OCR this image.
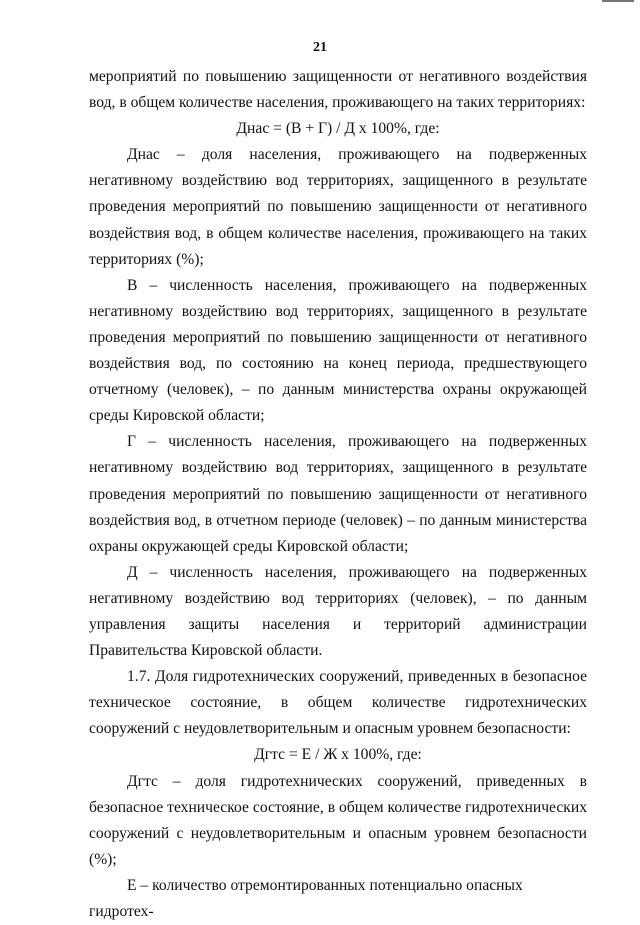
21

мероприятий по повышению защищенности от негативного воздействия вод, в общем количестве населения, проживающего на таких территориях:

Днас = (В + Г) / Д х 100%, где:

Днас – доля населения, проживающего на подверженных негативному воздействию вод территориях, защищенного в результате проведения мероприятий по повышению защищенности от негативного воздействия вод, в общем количестве населения, проживающего на таких территориях (%);

В – численность населения, проживающего на подверженных негативному воздействию вод территориях, защищенного в результате проведения мероприятий по повышению защищенности от негативного воздействия вод, по состоянию на конец периода, предшествующего отчетному (человек), – по данным министерства охраны окружающей среды Кировской области;

Г – численность населения, проживающего на подверженных негативному воздействию вод территориях, защищенного в результате проведения мероприятий по повышению защищенности от негативного воздействия вод, в отчетном периоде (человек) – по данным министерства охраны окружающей среды Кировской области;

Д – численность населения, проживающего на подверженных негативному воздействию вод территориях (человек), – по данным управления защиты населения и территорий администрации Правительства Кировской области.

1.7. Доля гидротехнических сооружений, приведенных в безопасное техническое состояние, в общем количестве гидротехнических сооружений с неудовлетворительным и опасным уровнем безопасности:

Дгтс = Е / Ж х 100%, где:

Дгтс – доля гидротехнических сооружений, приведенных в безопасное техническое состояние, в общем количестве гидротехнических сооружений с неудовлетворительным и опасным уровнем безопасности (%);

Е – количество отремонтированных потенциально опасных гидротех-
